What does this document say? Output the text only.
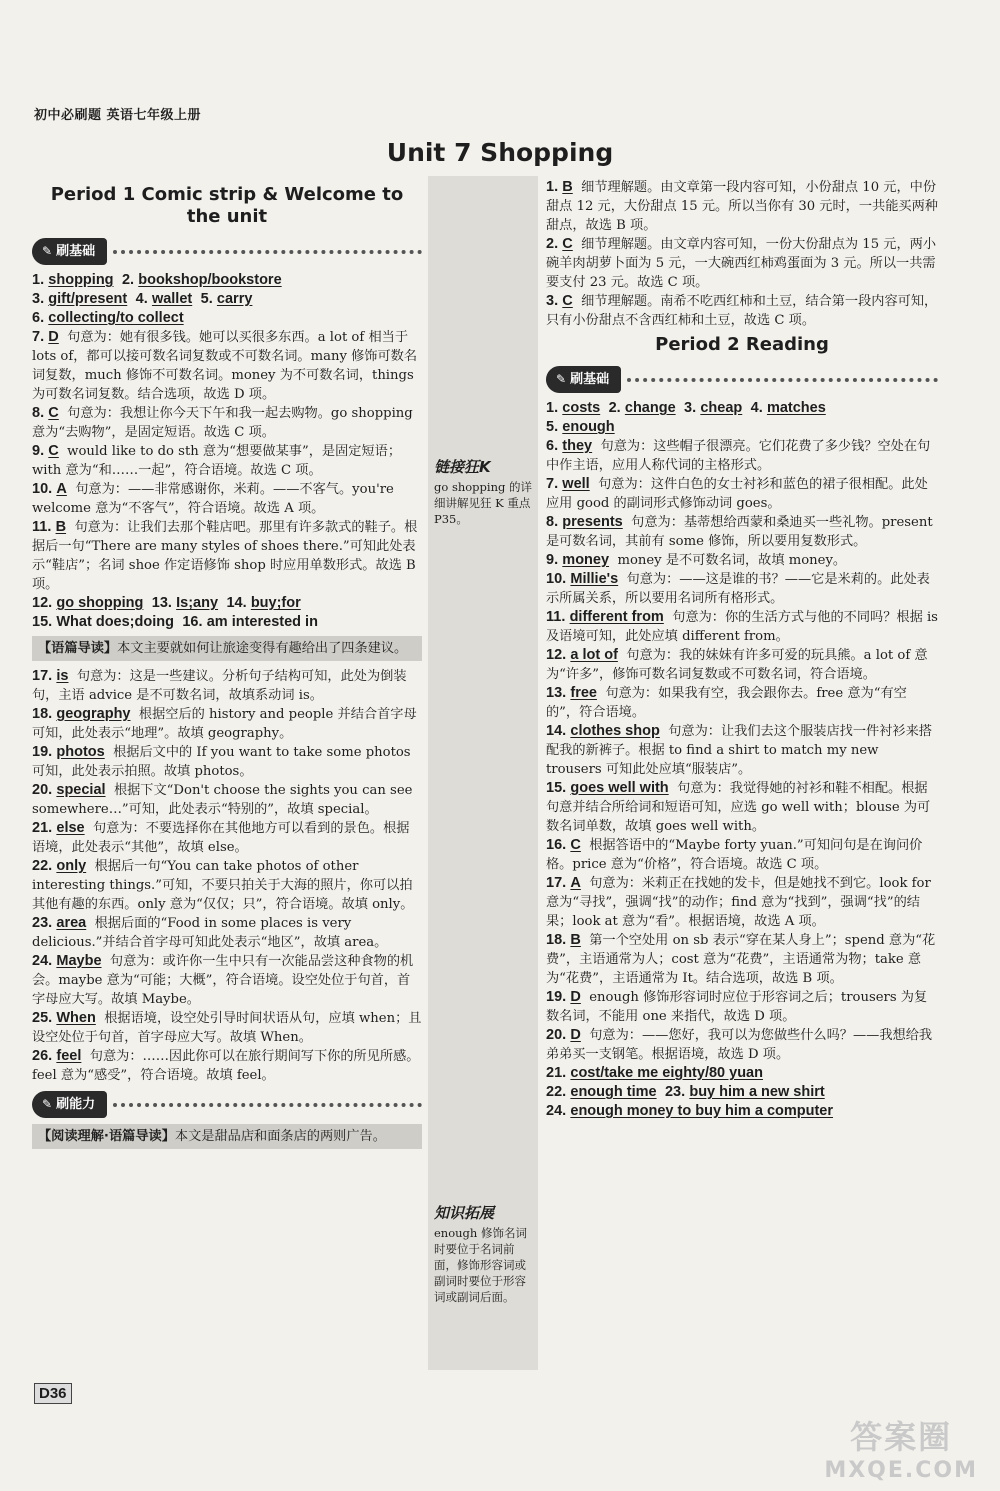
初中必刷题 英语七年级上册
Unit 7 Shopping
Period 1 Comic strip & Welcome to the unit
✎ 刷基础
1. shopping 2. bookshop/bookstore
3. gift/present 4. wallet 5. carry
6. collecting/to collect

7. D 句意为：她有很多钱。她可以买很多东西。a lot of 相当于 lots of，都可以接可数名词复数或不可数名词。many 修饰可数名词复数，much 修饰不可数名词。money 为不可数名词，things 为可数名词复数。结合选项，故选 D 项。

8. C 句意为：我想让你今天下午和我一起去购物。go shopping 意为“去购物”，是固定短语。故选 C 项。

9. C would like to do sth 意为“想要做某事”，是固定短语；with 意为“和……一起”，符合语境。故选 C 项。

10. A 句意为：——非常感谢你，米莉。——不客气。you're welcome 意为“不客气”，符合语境。故选 A 项。

11. B 句意为：让我们去那个鞋店吧。那里有许多款式的鞋子。根据后一句“There are many styles of shoes there.”可知此处表示“鞋店”；名词 shoe 作定语修饰 shop 时应用单数形式。故选 B 项。

12. go shopping 13. Is;any 14. buy;for
15. What does;doing 16. am interested in
【语篇导读】本文主要就如何让旅途变得有趣给出了四条建议。

17. is 句意为：这是一些建议。分析句子结构可知，此处为倒装句，主语 advice 是不可数名词，故填系动词 is。

18. geography 根据空后的 history and people 并结合首字母可知，此处表示“地理”。故填 geography。

19. photos 根据后文中的 If you want to take some photos 可知，此处表示拍照。故填 photos。

20. special 根据下文“Don't choose the sights you can see somewhere…”可知，此处表示“特别的”，故填 special。

21. else 句意为：不要选择你在其他地方可以看到的景色。根据语境，此处表示“其他”，故填 else。

22. only 根据后一句“You can take photos of other interesting things.”可知，不要只拍关于大海的照片，你可以拍其他有趣的东西。only 意为“仅仅；只”，符合语境。故填 only。

23. area 根据后面的“Food in some places is very delicious.”并结合首字母可知此处表示“地区”，故填 area。

24. Maybe 句意为：或许你一生中只有一次能品尝这种食物的机会。maybe 意为“可能；大概”，符合语境。设空处位于句首，首字母应大写。故填 Maybe。

25. When 根据语境，设空处引导时间状语从句，应填 when；且设空处位于句首，首字母应大写。故填 When。

26. feel 句意为：……因此你可以在旅行期间写下你的所见所感。feel 意为“感受”，符合语境。故填 feel。

✎ 刷能力
【阅读理解·语篇导读】本文是甜品店和面条店的两则广告。
链接狂K
go shopping 的详细讲解见狂 K 重点 P35。
知识拓展
enough 修饰名词时要位于名词前面，修饰形容词或副词时要位于形容词或副词后面。

1. B 细节理解题。由文章第一段内容可知，小份甜点 10 元，中份甜点 12 元，大份甜点 15 元。所以当你有 30 元时，一共能买两种甜点，故选 B 项。

2. C 细节理解题。由文章内容可知，一份大份甜点为 15 元，两小碗羊肉胡萝卜面为 5 元，一大碗西红柿鸡蛋面为 3 元。所以一共需要支付 23 元。故选 C 项。

3. C 细节理解题。南希不吃西红柿和土豆，结合第一段内容可知，只有小份甜点不含西红柿和土豆，故选 C 项。

Period 2 Reading
✎ 刷基础
1. costs 2. change 3. cheap 4. matches
5. enough

6. they 句意为：这些帽子很漂亮。它们花费了多少钱？空处在句中作主语，应用人称代词的主格形式。

7. well 句意为：这件白色的女士衬衫和蓝色的裙子很相配。此处应用 good 的副词形式修饰动词 goes。

8. presents 句意为：基蒂想给西蒙和桑迪买一些礼物。present 是可数名词，其前有 some 修饰，所以要用复数形式。

9. money money 是不可数名词，故填 money。

10. Millie's 句意为：——这是谁的书？——它是米莉的。此处表示所属关系，所以要用名词所有格形式。

11. different from 句意为：你的生活方式与他的不同吗？根据 is 及语境可知，此处应填 different from。

12. a lot of 句意为：我的妹妹有许多可爱的玩具熊。a lot of 意为“许多”，修饰可数名词复数或不可数名词，符合语境。

13. free 句意为：如果我有空，我会跟你去。free 意为“有空的”，符合语境。

14. clothes shop 句意为：让我们去这个服装店找一件衬衫来搭配我的新裤子。根据 to find a shirt to match my new trousers 可知此处应填“服装店”。

15. goes well with 句意为：我觉得她的衬衫和鞋不相配。根据句意并结合所给词和短语可知，应选 go well with；blouse 为可数名词单数，故填 goes well with。

16. C 根据答语中的“Maybe forty yuan.”可知问句是在询问价格。price 意为“价格”，符合语境。故选 C 项。

17. A 句意为：米莉正在找她的发卡，但是她找不到它。look for 意为“寻找”，强调“找”的动作；find 意为“找到”，强调“找”的结果；look at 意为“看”。根据语境，故选 A 项。

18. B 第一个空处用 on sb 表示“穿在某人身上”；spend 意为“花费”，主语通常为人；cost 意为“花费”，主语通常为物；take 意为“花费”，主语通常为 It。结合选项，故选 B 项。

19. D enough 修饰形容词时应位于形容词之后；trousers 为复数名词，不能用 one 来指代，故选 D 项。

20. D 句意为：——您好，我可以为您做些什么吗？——我想给我弟弟买一支钢笔。根据语境，故选 D 项。

21. cost/take me eighty/80 yuan
22. enough time 23. buy him a new shirt
24. enough money to buy him a computer
D36
答案圈
MXQE.COM
